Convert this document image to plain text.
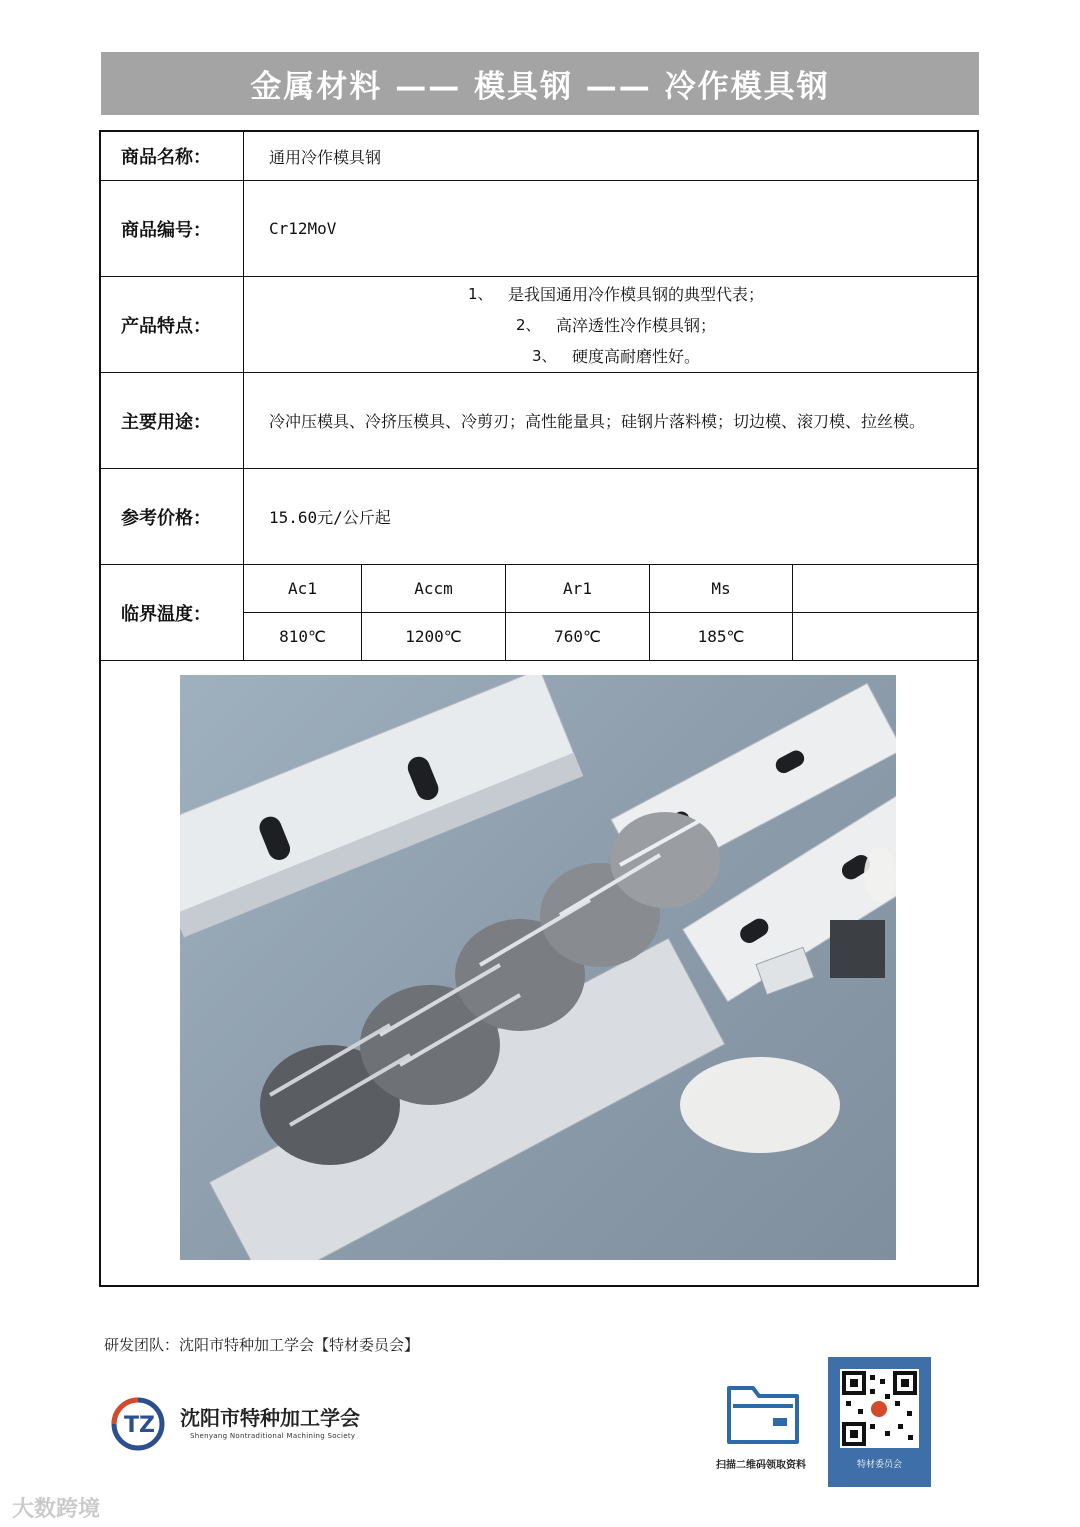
金属材料 —— 模具钢 —— 冷作模具钢
商品名称：	通用冷作模具钢
商品编号：	Cr12MoV
产品特点：
1、 是我国通用冷作模具钢的典型代表；
2、 高淬透性冷作模具钢；
3、 硬度高耐磨性好。
主要用途：	冷冲压模具、冷挤压模具、冷剪刃；高性能量具；硅钢片落料模；切边模、滚刀模、拉丝模。
参考价格：	15.60元/公斤起
临界温度：
Ac1	Accm	Ar1	Ms
810℃	1200℃	760℃	185℃
研发团队：沈阳市特种加工学会【特材委员会】
TZ 沈阳市特种加工学会
Shenyang Nontraditional Machining Society
扫描二维码领取资料	特材委员会
大数跨境
